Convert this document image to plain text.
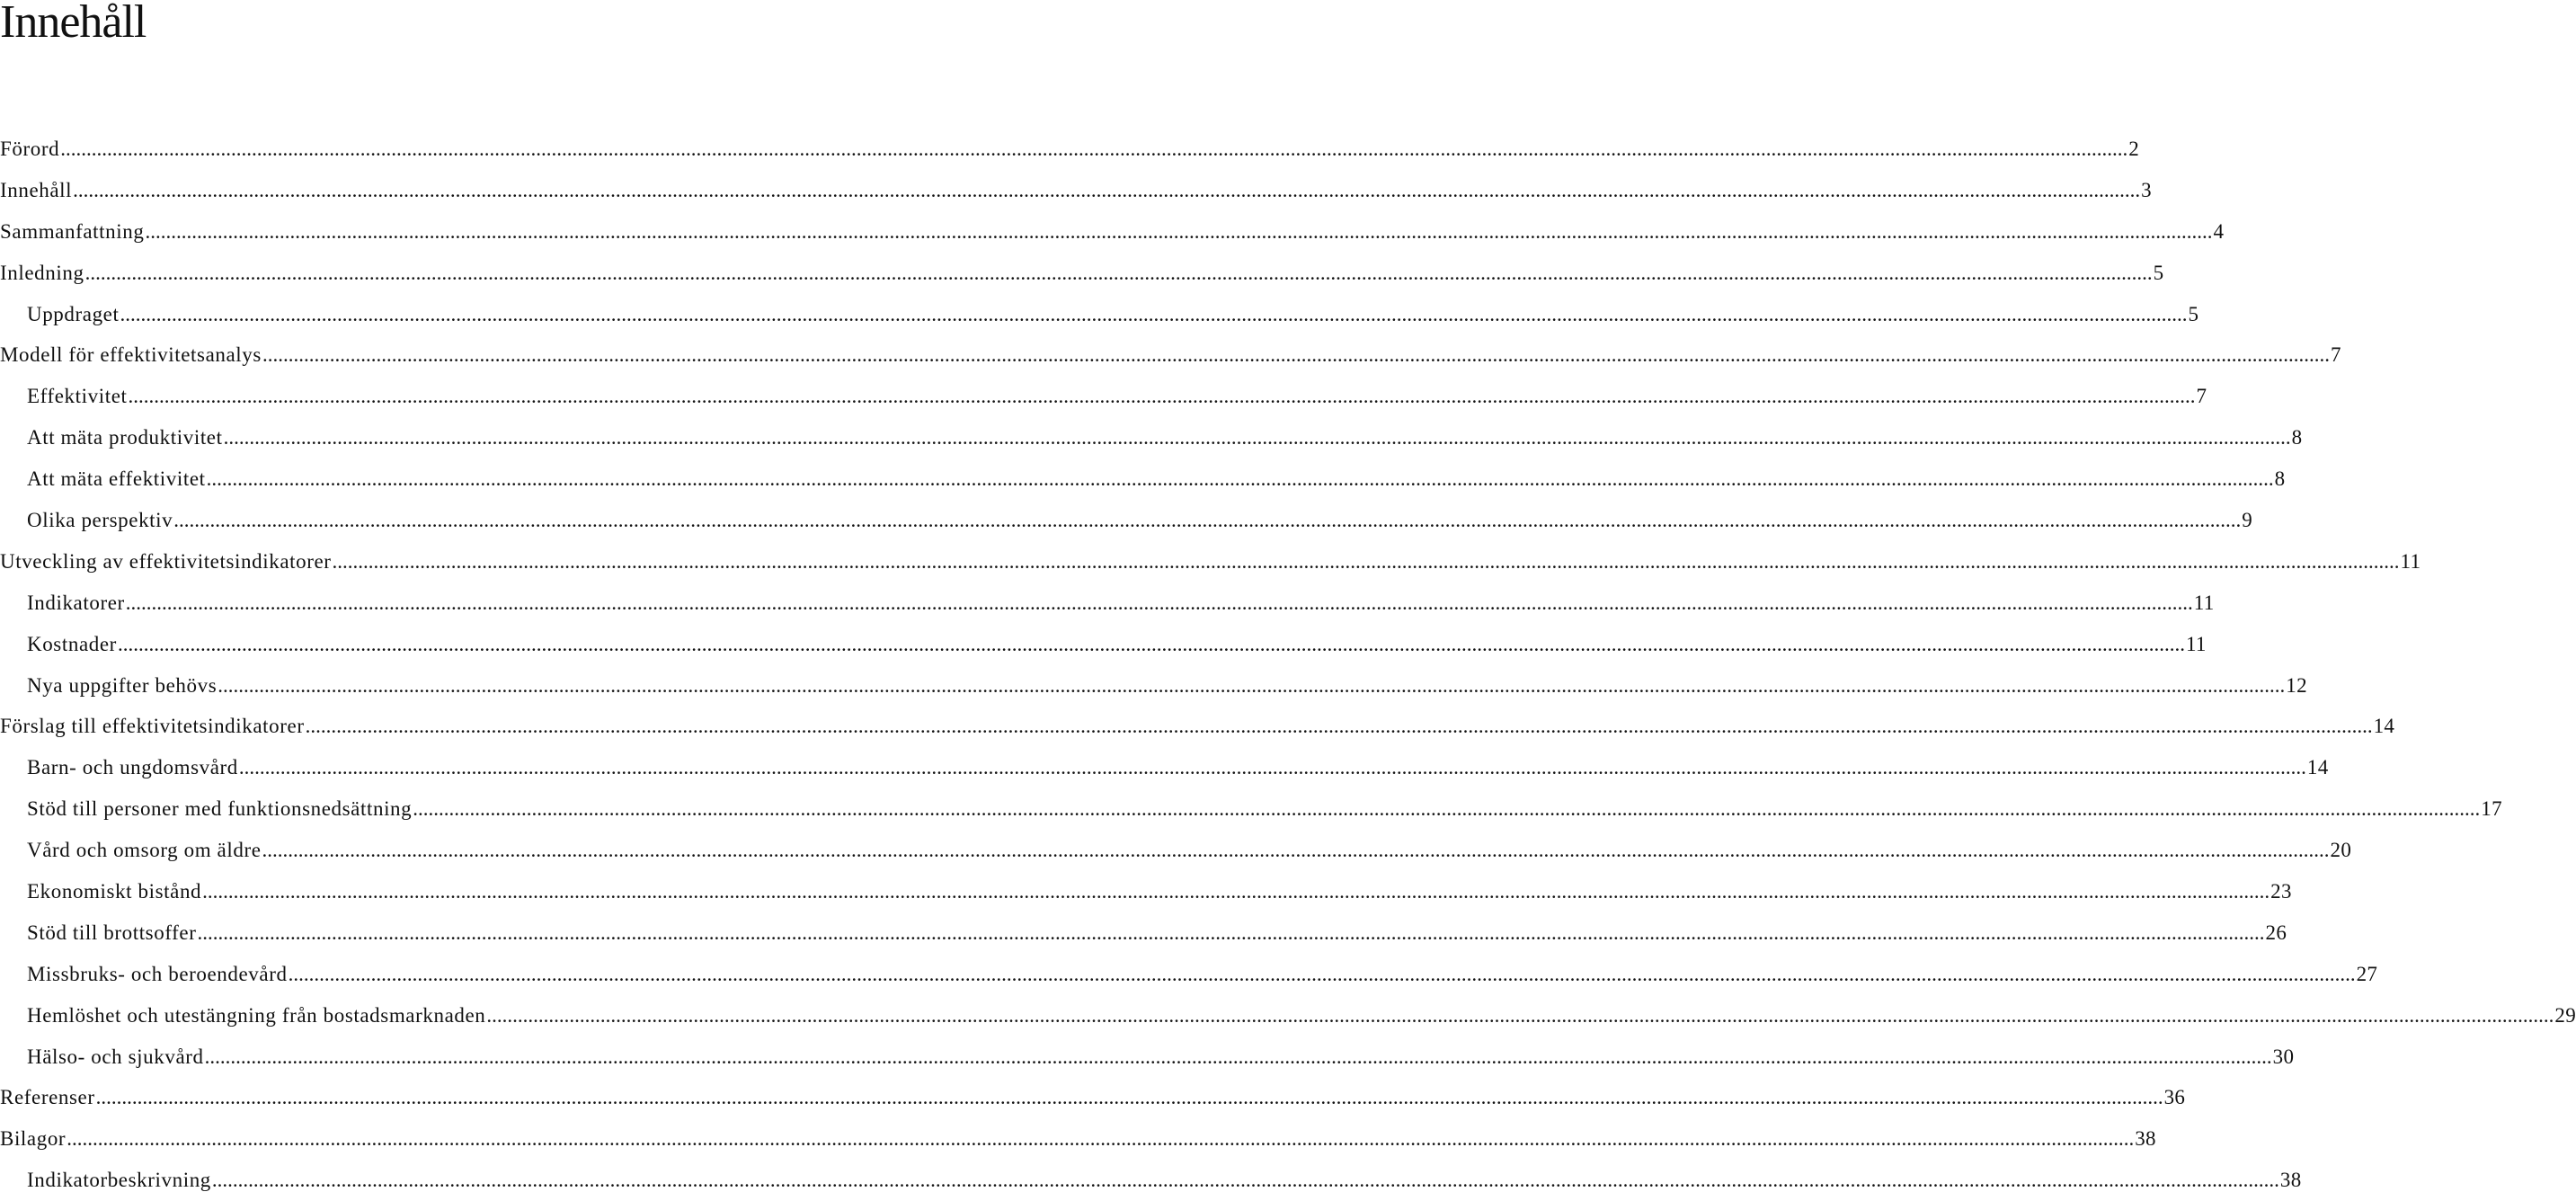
Innehåll
Förord ................................................................................................................................................................................................................................................................................................................................................................................................................ 2
Innehåll ................................................................................................................................................................................................................................................................................................................................................................................................................ 3
Sammanfattning ................................................................................................................................................................................................................................................................................................................................................................................................................ 4
Inledning ................................................................................................................................................................................................................................................................................................................................................................................................................ 5
Uppdraget ................................................................................................................................................................................................................................................................................................................................................................................................................ 5
Modell för effektivitetsanalys ................................................................................................................................................................................................................................................................................................................................................................................................................ 7
Effektivitet ................................................................................................................................................................................................................................................................................................................................................................................................................ 7
Att mäta produktivitet ................................................................................................................................................................................................................................................................................................................................................................................................................ 8
Att mäta effektivitet ................................................................................................................................................................................................................................................................................................................................................................................................................ 8
Olika perspektiv ................................................................................................................................................................................................................................................................................................................................................................................................................ 9
Utveckling av effektivitetsindikatorer ................................................................................................................................................................................................................................................................................................................................................................................................................ 11
Indikatorer ................................................................................................................................................................................................................................................................................................................................................................................................................ 11
Kostnader ................................................................................................................................................................................................................................................................................................................................................................................................................ 11
Nya uppgifter behövs ................................................................................................................................................................................................................................................................................................................................................................................................................ 12
Förslag till effektivitetsindikatorer ................................................................................................................................................................................................................................................................................................................................................................................................................ 14
Barn- och ungdomsvård ................................................................................................................................................................................................................................................................................................................................................................................................................ 14
Stöd till personer med funktionsnedsättning ................................................................................................................................................................................................................................................................................................................................................................................................................ 17
Vård och omsorg om äldre ................................................................................................................................................................................................................................................................................................................................................................................................................ 20
Ekonomiskt bistånd ................................................................................................................................................................................................................................................................................................................................................................................................................ 23
Stöd till brottsoffer ................................................................................................................................................................................................................................................................................................................................................................................................................ 26
Missbruks- och beroendevård ................................................................................................................................................................................................................................................................................................................................................................................................................ 27
Hemlöshet och utestängning från bostadsmarknaden ................................................................................................................................................................................................................................................................................................................................................................................................................ 29
Hälso- och sjukvård ................................................................................................................................................................................................................................................................................................................................................................................................................ 30
Referenser ................................................................................................................................................................................................................................................................................................................................................................................................................ 36
Bilagor ................................................................................................................................................................................................................................................................................................................................................................................................................ 38
Indikatorbeskrivning ................................................................................................................................................................................................................................................................................................................................................................................................................ 38
